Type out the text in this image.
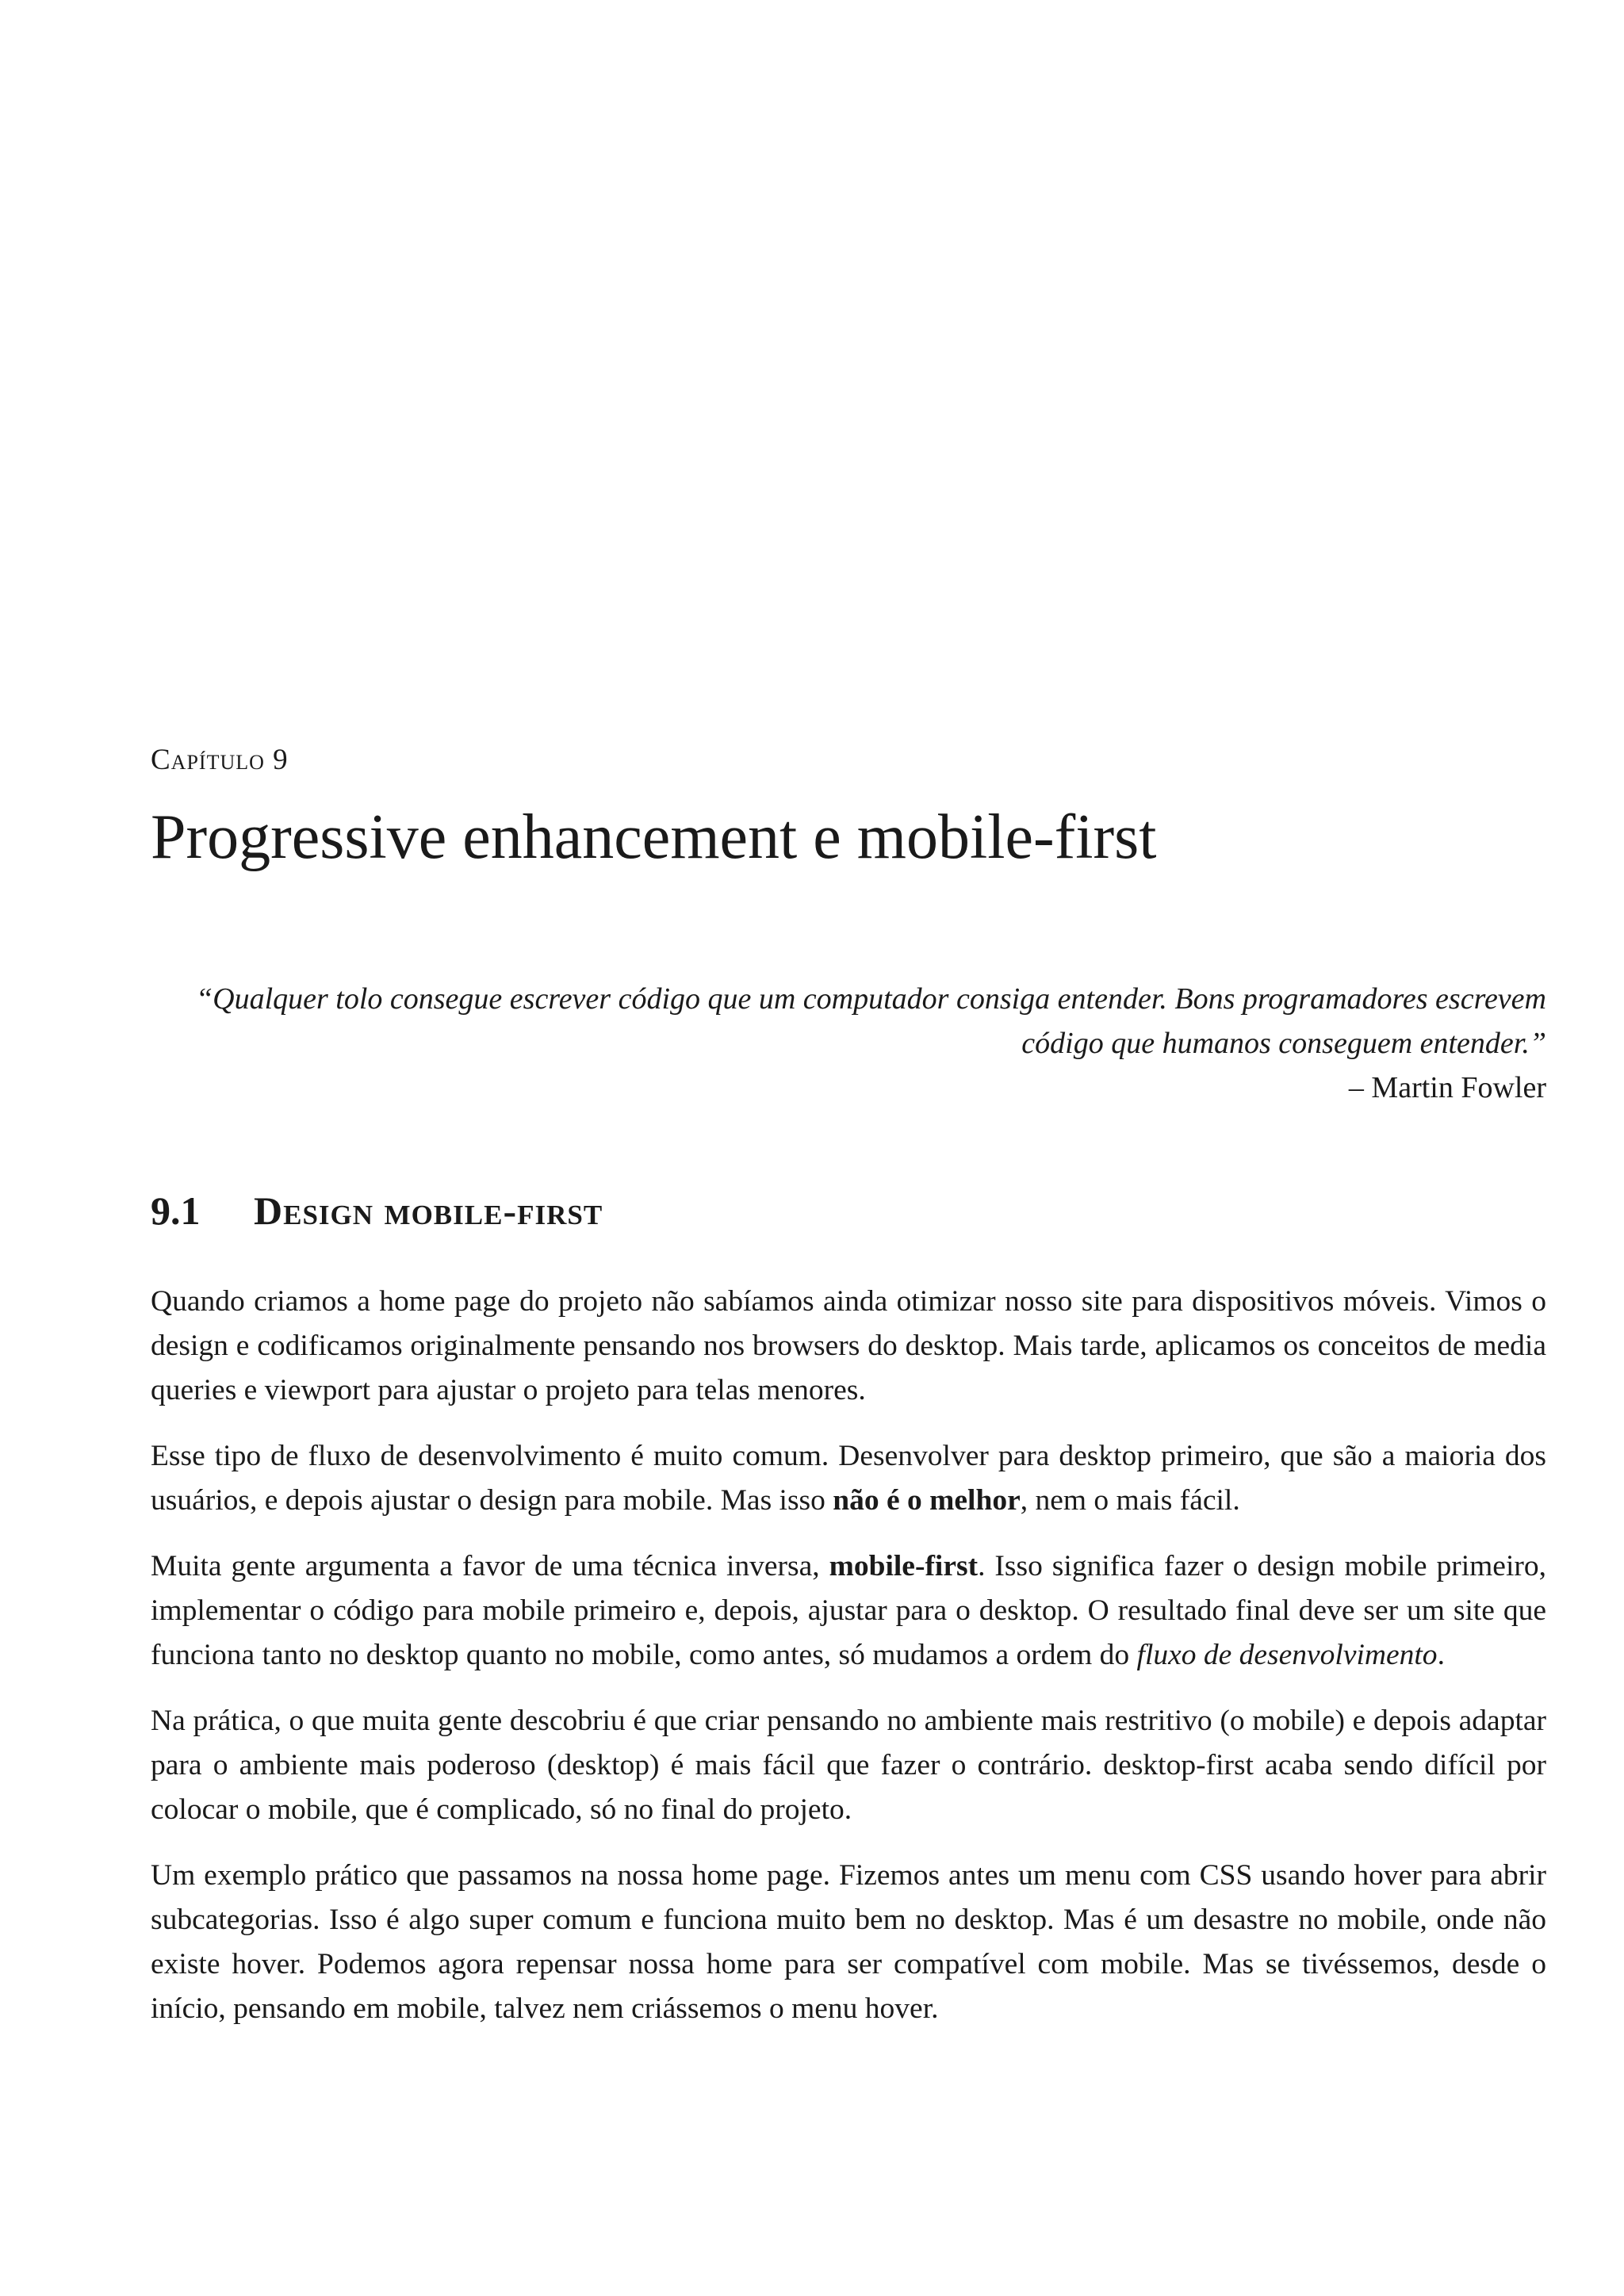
Capítulo 9
Progressive enhancement e mobile-first
“Qualquer tolo consegue escrever código que um computador consiga entender. Bons programadores escrevem
código que humanos conseguem entender.”
– Martin Fowler
9.1 Design mobile-first

Quando criamos a home page do projeto não sabíamos ainda otimizar nosso site para dispositivos móveis. Vimos o design e codificamos originalmente pensando nos browsers do desktop. Mais tarde, aplicamos os conceitos de media queries e viewport para ajustar o projeto para telas menores.

Esse tipo de fluxo de desenvolvimento é muito comum. Desenvolver para desktop primeiro, que são a maioria dos usuários, e depois ajustar o design para mobile. Mas isso não é o melhor, nem o mais fácil.

Muita gente argumenta a favor de uma técnica inversa, mobile-first. Isso significa fazer o design mobile primeiro, implementar o código para mobile primeiro e, depois, ajustar para o desktop. O resultado final deve ser um site que funciona tanto no desktop quanto no mobile, como antes, só mudamos a ordem do fluxo de desenvolvimento.

Na prática, o que muita gente descobriu é que criar pensando no ambiente mais restritivo (o mobile) e depois adaptar para o ambiente mais poderoso (desktop) é mais fácil que fazer o contrário. desktop-first acaba sendo difícil por colocar o mobile, que é complicado, só no final do projeto.

Um exemplo prático que passamos na nossa home page. Fizemos antes um menu com CSS usando hover para abrir subcategorias. Isso é algo super comum e funciona muito bem no desktop. Mas é um desastre no mobile, onde não existe hover. Podemos agora repensar nossa home para ser compatível com mobile. Mas se tivéssemos, desde o início, pensando em mobile, talvez nem criássemos o menu hover.
